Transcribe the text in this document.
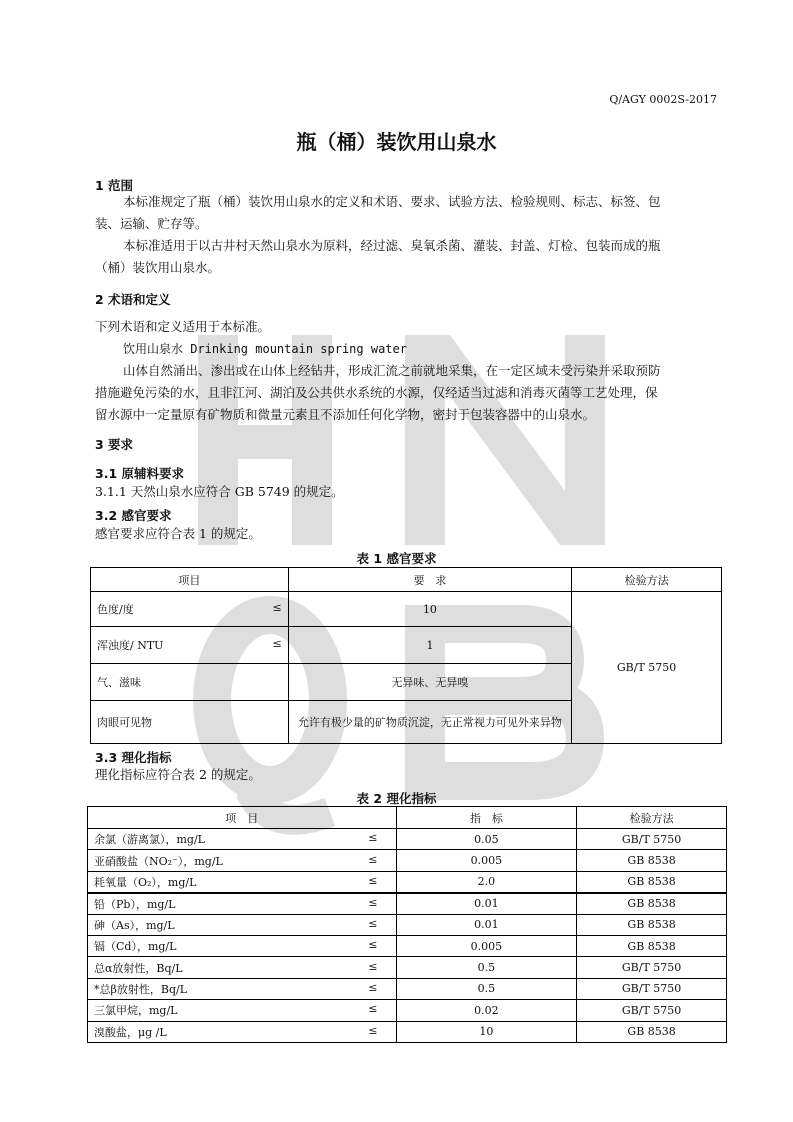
Q/AGY 0002S-2017
瓶（桶）装饮用山泉水
1 范围

本标准规定了瓶（桶）装饮用山泉水的定义和术语、要求、试验方法、检验规则、标志、标签、包

装、运输、贮存等。

本标准适用于以古井村天然山泉水为原料，经过滤、臭氧杀菌、灌装、封盖、灯检、包装而成的瓶

（桶）装饮用山泉水。

2 术语和定义

下列术语和定义适用于本标准。

饮用山泉水 Drinking mountain spring water

山体自然涌出、渗出或在山体上经钻井，形成汇流之前就地采集，在一定区域未受污染并采取预防

措施避免污染的水，且非江河、湖泊及公共供水系统的水源，仅经适当过滤和消毒灭菌等工艺处理，保

留水源中一定量原有矿物质和微量元素且不添加任何化学物，密封于包装容器中的山泉水。

3 要求
3.1 原辅料要求

3.1.1 天然山泉水应符合 GB 5749 的规定。

3.2 感官要求

感官要求应符合表 1 的规定。

表 1 感官要求
项目	要　求	检验方法
色度/度 ≤	10	GB/T 5750
浑浊度/ NTU ≤	1	
气、滋味	无异味、无异嗅	
肉眼可见物	允许有极少量的矿物质沉淀，无正常视力可见外来异物	
3.3 理化指标

理化指标应符合表 2 的规定。

表 2 理化指标
项　目	指　标	检验方法
余氯（游离氯），mg/L ≤	0.05	GB/T 5750
亚硝酸盐（NO₂⁻），mg/L ≤	0.005	GB 8538
耗氧量（O₂），mg/L ≤	2.0	GB 8538
铅（Pb），mg/L ≤	0.01	GB 8538
砷（As），mg/L ≤	0.01	GB 8538
镉（Cd），mg/L ≤	0.005	GB 8538
总α放射性，Bq/L ≤	0.5	GB/T 5750
*总β放射性，Bq/L ≤	0.5	GB/T 5750
三氯甲烷，mg/L ≤	0.02	GB/T 5750
溴酸盐，μg /L ≤	10	GB 8538
